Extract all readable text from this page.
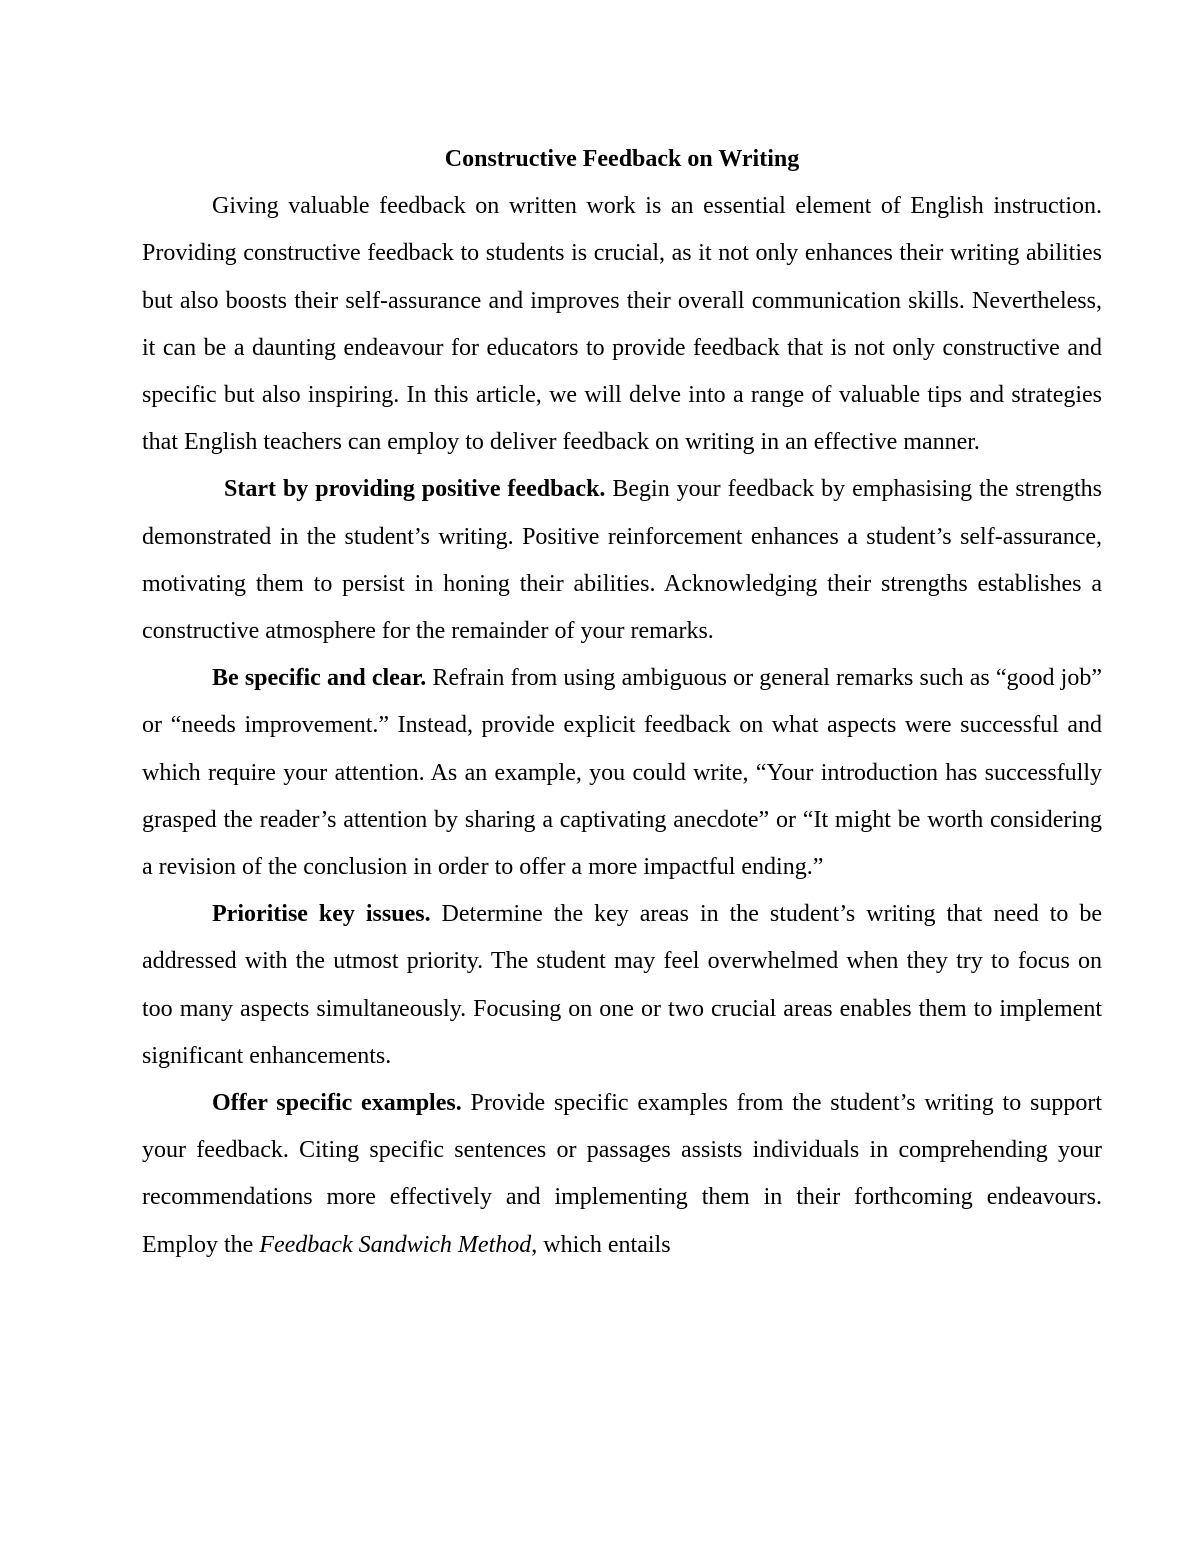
Constructive Feedback on Writing

Giving valuable feedback on written work is an essential element of English instruction. Providing constructive feedback to students is crucial, as it not only enhances their writing abilities but also boosts their self-assurance and improves their overall communication skills. Nevertheless, it can be a daunting endeavour for educators to provide feedback that is not only constructive and specific but also inspiring. In this article, we will delve into a range of valuable tips and strategies that English teachers can employ to deliver feedback on writing in an effective manner.

Start by providing positive feedback. Begin your feedback by emphasising the strengths demonstrated in the student’s writing. Positive reinforcement enhances a student’s self-assurance, motivating them to persist in honing their abilities. Acknowledging their strengths establishes a constructive atmosphere for the remainder of your remarks.

Be specific and clear. Refrain from using ambiguous or general remarks such as “good job” or “needs improvement.” Instead, provide explicit feedback on what aspects were successful and which require your attention. As an example, you could write, “Your introduction has successfully grasped the reader’s attention by sharing a captivating anecdote” or “It might be worth considering a revision of the conclusion in order to offer a more impactful ending.”

Prioritise key issues. Determine the key areas in the student’s writing that need to be addressed with the utmost priority. The student may feel overwhelmed when they try to focus on too many aspects simultaneously. Focusing on one or two crucial areas enables them to implement significant enhancements.

Offer specific examples. Provide specific examples from the student’s writing to support your feedback. Citing specific sentences or passages assists individuals in comprehending your recommendations more effectively and implementing them in their forthcoming endeavours. Employ the Feedback Sandwich Method, which entails
